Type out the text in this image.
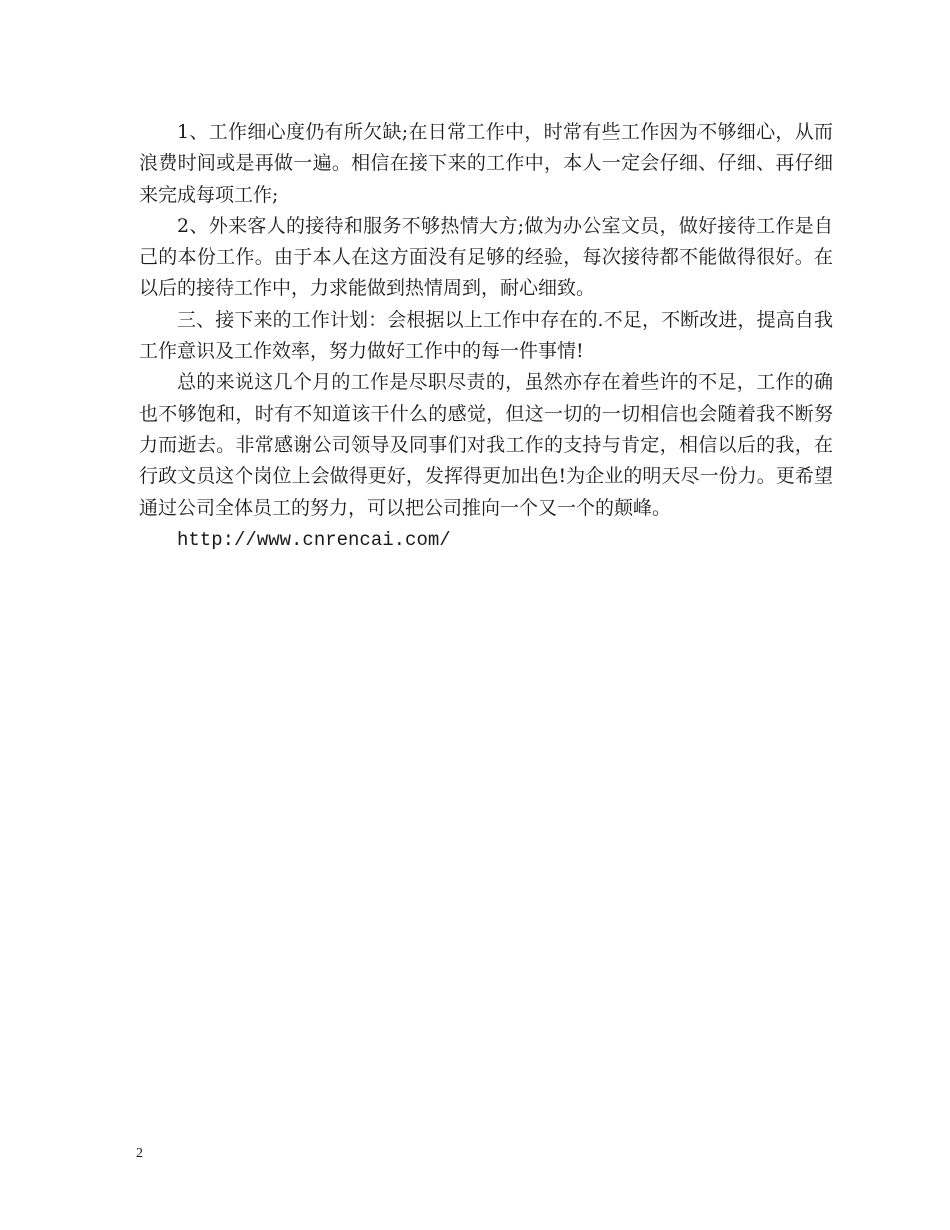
1、工作细心度仍有所欠缺;在日常工作中，时常有些工作因为不够细心，从而浪费时间或是再做一遍。相信在接下来的工作中，本人一定会仔细、仔细、再仔细来完成每项工作;

2、外来客人的接待和服务不够热情大方;做为办公室文员，做好接待工作是自己的本份工作。由于本人在这方面没有足够的经验，每次接待都不能做得很好。在以后的接待工作中，力求能做到热情周到，耐心细致。

三、接下来的工作计划：会根据以上工作中存在的.不足，不断改进，提高自我工作意识及工作效率，努力做好工作中的每一件事情!

总的来说这几个月的工作是尽职尽责的，虽然亦存在着些许的不足，工作的确也不够饱和，时有不知道该干什么的感觉，但这一切的一切相信也会随着我不断努力而逝去。非常感谢公司领导及同事们对我工作的支持与肯定，相信以后的我，在行政文员这个岗位上会做得更好，发挥得更加出色!为企业的明天尽一份力。更希望通过公司全体员工的努力，可以把公司推向一个又一个的颠峰。

http://www.cnrencai.com/

2
